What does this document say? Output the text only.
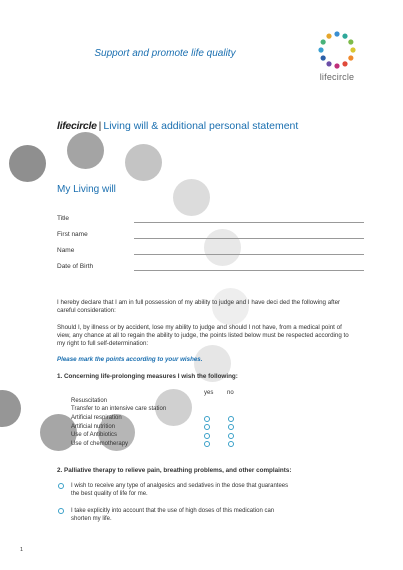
Support and promote life quality
lifecircle
lifecircle | Living will & additional personal statement
My Living will
Title
First name
Name
Date of Birth
I hereby declare that I am in full possession of my ability to judge and I have deci ded the following after careful consideration:
Should I, by illness or by accident, lose my ability to judge and should I not have, from a medical point of view, any chance at all to regain the ability to judge, the points listed below must be respected according to my right to full self-determination:
Please mark the points according to your wishes.
1. Concerning life-prolonging measures I wish the following:
yes no
Resuscitation
Transfer to an intensive care station
Artificial respiration
Artificial nutrition
Use of Antibiotics
Use of chemotherapy
2. Palliative therapy to relieve pain, breathing problems, and other complaints:
I wish to receive any type of analgesics and sedatives in the dose that guarantees the best quality of life for me.
I take explicitly into account that the use of high doses of this medication can shorten my life.
1
